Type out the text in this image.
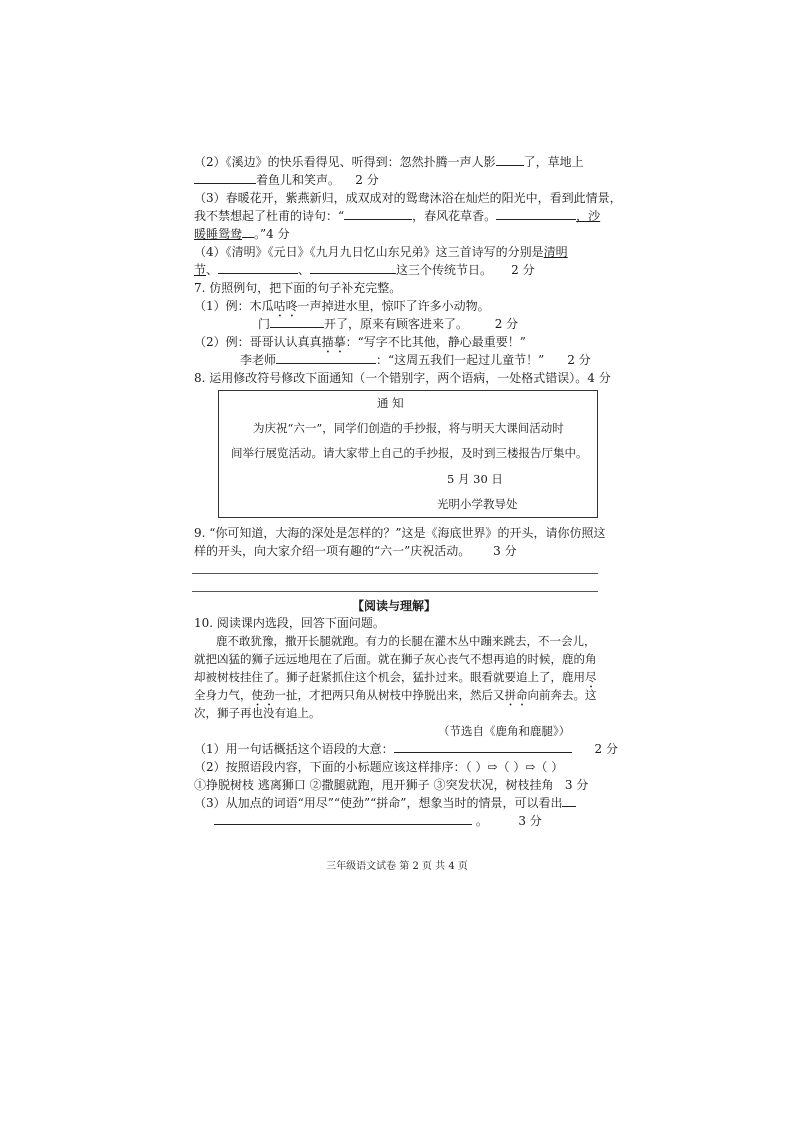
（2）《溪边》的快乐看得见、听得到：忽然扑腾一声人影 了，草地上
着鱼儿和笑声。 2 分
（3）春暖花开，紫燕新归，成双成对的鸳鸯沐浴在灿烂的阳光中，看到此情景，
我不禁想起了杜甫的诗句：“	，春风花草香。	，沙
暖睡鸳鸯 。”4 分
（4）《清明》《元日》《九月九日忆山东兄弟》这三首诗写的分别是清明
节、	、	这三个传统节日。 2 分
7. 仿照例句，把下面的句子补充完整。
（1）例：木瓜咕咚一声掉进水里，惊吓了许多小动物。
门	开了，原来有顾客进来了。 2 分
（2）例：哥哥认认真真描摹：“写字不比其他，静心最重要！”
李老师	：“这周五我们一起过儿童节！” 2 分
8. 运用修改符号修改下面通知（一个错别字，两个语病，一处格式错误）。4 分
通 知
为庆祝“六一”，同学们创造的手抄报，将与明天大课间活动时
间举行展览活动。请大家带上自己的手抄报，及时到三楼报告厅集中。
5 月 30 日
光明小学教导处
9. “你可知道，大海的深处是怎样的？”这是《海底世界》的开头，请你仿照这
样的开头，向大家介绍一项有趣的“六一”庆祝活动。 3 分
【阅读与理解】
10. 阅读课内选段，回答下面问题。
鹿不敢犹豫，撒开长腿就跑。有力的长腿在灌木丛中蹦来跳去，不一会儿，
就把凶猛的狮子远远地甩在了后面。就在狮子灰心丧气不想再追的时候，鹿的角
却被树枝挂住了。狮子赶紧抓住这个机会，猛扑过来。眼看就要追上了，鹿用尽
全身力气，使劲一扯，才把两只角从树枝中挣脱出来，然后又拼命向前奔去。这
次，狮子再也没有追上。
（节选自《鹿角和鹿腿》）
（1）用一句话概括这个语段的大意：	2 分
（2）按照语段内容，下面的小标题应该这样排序：（ ）⇨（ ）⇨（ ）
①挣脱树枝 逃离狮口 ②撒腿就跑，甩开狮子 ③突发状况，树枝挂角 3 分
（3）从加点的词语“用尽”“使劲”“拼命”，想象当时的情景，可以看出
。	3 分
三年级语文试卷 第 2 页 共 4 页
